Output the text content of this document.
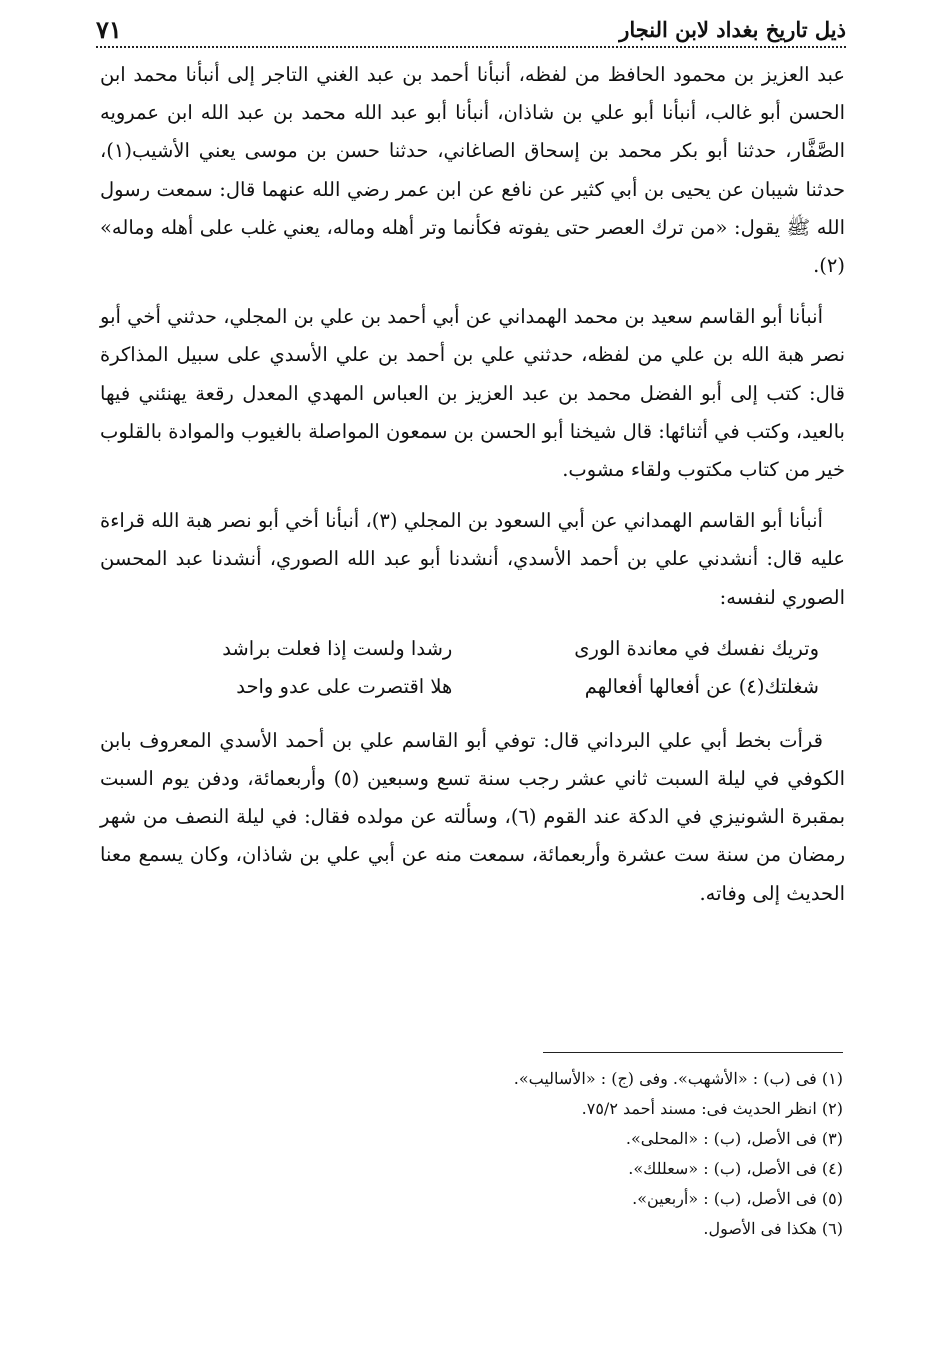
ذيل تاريخ بغداد لابن النجار
٧١

عبد العزيز بن محمود الحافظ من لفظه، أنبأنا أحمد بن عبد الغني التاجر إلى أنبأنا محمد ابن الحسن أبو غالب، أنبأنا أبو علي بن شاذان، أنبأنا أبو عبد الله محمد بن عبد الله ابن عمرويه الصَّفَّار، حدثنا أبو بكر محمد بن إسحاق الصاغاني، حدثنا حسن بن موسى يعني الأشيب(١)، حدثنا شيبان عن يحيى بن أبي كثير عن نافع عن ابن عمر رضي الله عنهما قال: سمعت رسول الله ﷺ يقول: «من ترك العصر حتى يفوته فكأنما وتر أهله وماله، يعني غلب على أهله وماله» (٢).

أنبأنا أبو القاسم سعيد بن محمد الهمداني عن أبي أحمد بن علي بن المجلي، حدثني أخي أبو نصر هبة الله بن علي من لفظه، حدثني علي بن أحمد بن علي الأسدي على سبيل المذاكرة قال: كتب إلى أبو الفضل محمد بن عبد العزيز بن العباس المهدي المعدل رقعة يهنئني فيها بالعيد، وكتب في أثنائها: قال شيخنا أبو الحسن بن سمعون المواصلة بالغيوب والموادة بالقلوب خير من كتاب مكتوب ولقاء مشوب.

أنبأنا أبو القاسم الهمداني عن أبي السعود بن المجلي (٣)، أنبأنا أخي أبو نصر هبة الله قراءة عليه قال: أنشدني علي بن أحمد الأسدي، أنشدنا أبو عبد الله الصوري، أنشدنا عبد المحسن الصوري لنفسه:

وتريك نفسك في معاندة الورى
رشدا ولست إذا فعلت براشد
شغلتك(٤) عن أفعالها أفعالهم
هلا اقتصرت على عدو واحد

قرأت بخط أبي علي البرداني قال: توفي أبو القاسم علي بن أحمد الأسدي المعروف بابن الكوفي في ليلة السبت ثاني عشر رجب سنة تسع وسبعين (٥) وأربعمائة، ودفن يوم السبت بمقبرة الشونيزي في الدكة عند القوم (٦)، وسألته عن مولده فقال: في ليلة النصف من شهر رمضان من سنة ست عشرة وأربعمائة، سمعت منه عن أبي علي بن شاذان، وكان يسمع معنا الحديث إلى وفاته.

(١) فى (ب) : «الأشهب». وفى (ج) : «الأساليب».
(٢) انظر الحديث فى: مسند أحمد ٧٥/٢.
(٣) فى الأصل، (ب) : «المحلى».
(٤) فى الأصل، (ب) : «سعللك».
(٥) فى الأصل، (ب) : «أربعين».
(٦) هكذا فى الأصول.
